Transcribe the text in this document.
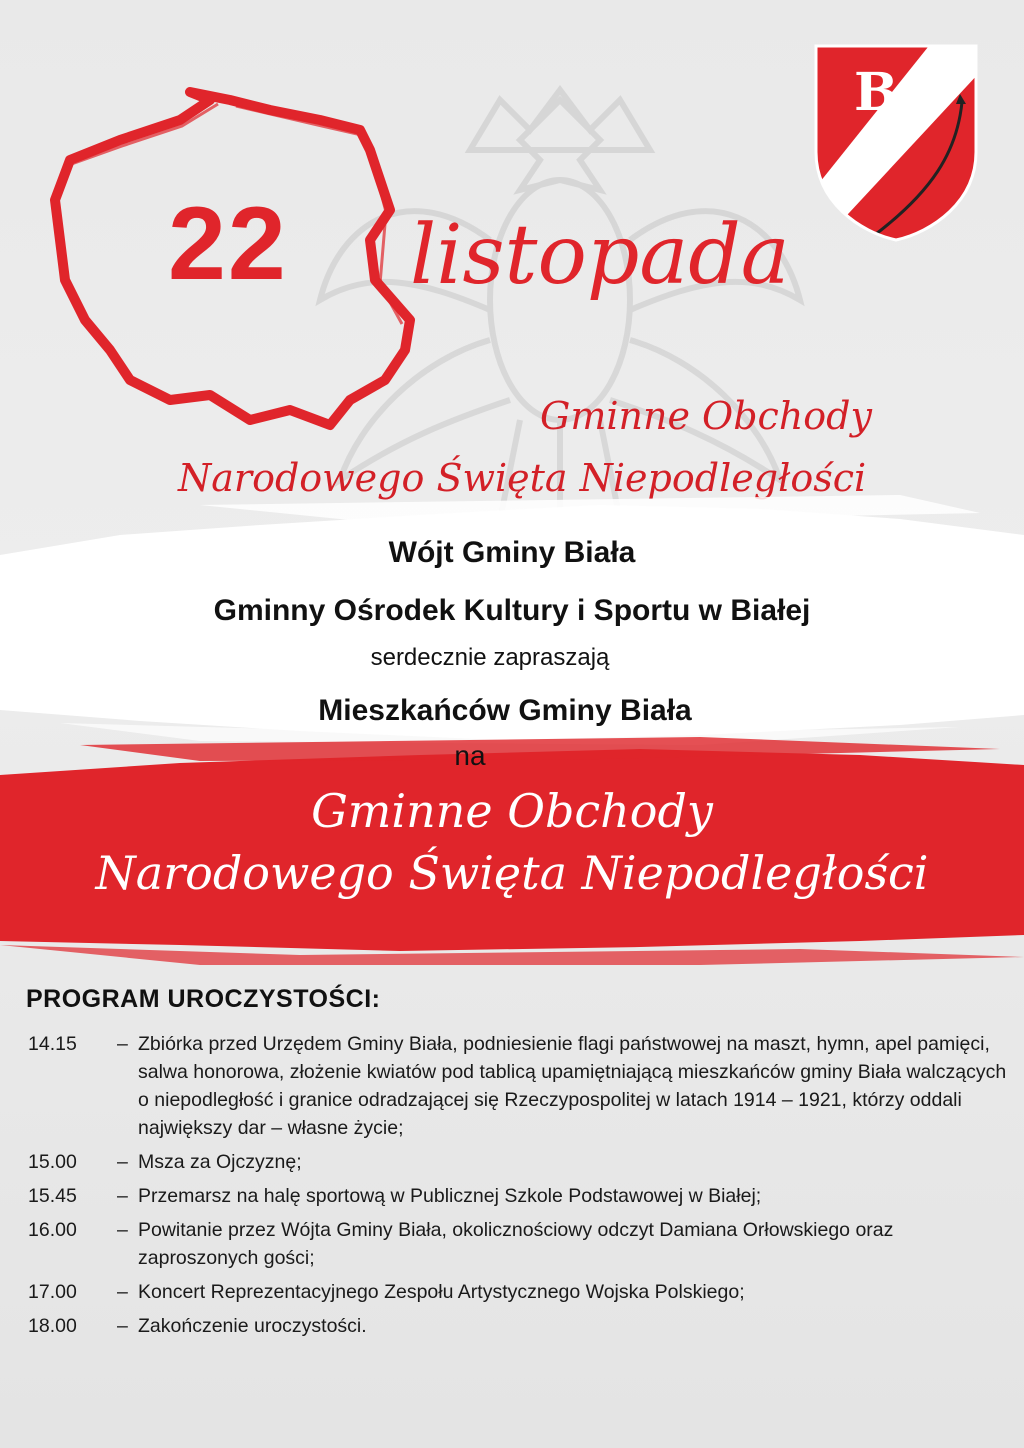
B
22 listopada
Gminne Obchody
Narodowego Święta Niepodległości
Wójt Gminy Biała
Gminny Ośrodek Kultury i Sportu w Białej
serdecznie zapraszają
Mieszkańców Gminy Biała
na
Gminne Obchody
Narodowego Święta Niepodległości
PROGRAM UROCZYSTOŚCI:
14.15	– Zbiórka przed Urzędem Gminy Biała, podniesienie flagi państwowej na maszt, hymn, apel pamięci, salwa honorowa, złożenie kwiatów pod tablicą upamiętniającą mieszkańców gminy Biała walczących o niepodległość i granice odradzającej się Rzeczypospolitej w latach 1914 – 1921, którzy oddali największy dar – własne życie;
15.00	– Msza za Ojczyznę;
15.45	– Przemarsz na halę sportową w Publicznej Szkole Podstawowej w Białej;
16.00	– Powitanie przez Wójta Gminy Biała, okolicznościowy odczyt Damiana Orłowskiego oraz zaproszonych gości;
17.00	– Koncert Reprezentacyjnego Zespołu Artystycznego Wojska Polskiego;
18.00	– Zakończenie uroczystości.
